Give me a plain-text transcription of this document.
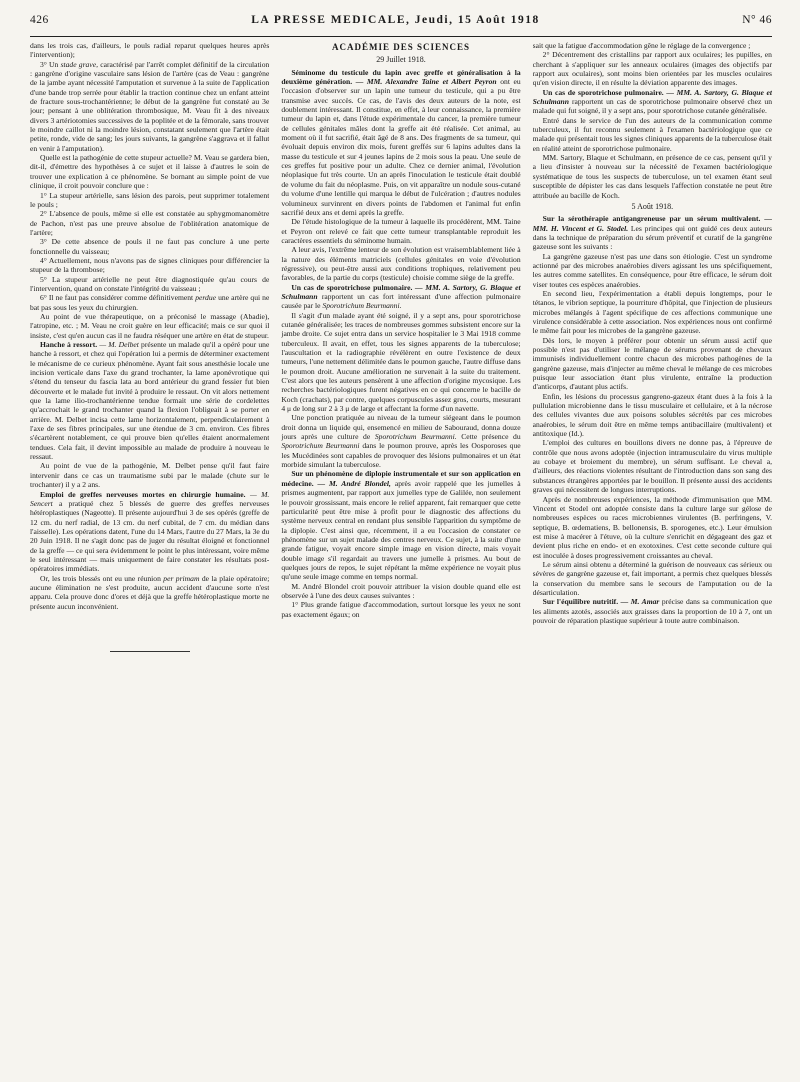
426	LA PRESSE MEDICALE, Jeudi, 15 Août 1918	N° 46

dans les trois cas, d'ailleurs, le pouls radial reparut quelques heures après l'intervention);

3° Un stade grave, caractérisé par l'arrêt complet définitif de la circulation : gangrène d'origine vasculaire sans lésion de l'artère (cas de Veau : gangrène de la jambe ayant nécessité l'amputation et survenue à la suite de l'application d'une bande trop serrée pour établir la traction continue chez un enfant atteint de fracture sous-trochantérienne; le début de la gangrène fut constaté au 3e jour; pensant à une oblitération thrombosique, M. Veau fit à des niveaux divers 3 artériotomies successives de la poplitée et de la fémorale, sans trouver le moindre caillot ni la moindre lésion, constatant seulement que l'artère était petite, ronde, vide de sang; les jours suivants, la gangrène s'aggrava et il fallut en venir à l'amputation).

Quelle est la pathogénie de cette stupeur actuelle? M. Veau se gardera bien, dit-il, d'émettre des hypothèses à ce sujet et il laisse à d'autres le soin de trouver une explication à ce phénomène. Se bornant au simple point de vue clinique, il croit pouvoir conclure que :

1° La stupeur artérielle, sans lésion des parois, peut supprimer totalement le pouls ;

2° L'absence de pouls, même si elle est constatée au sphygmomanomètre de Pachon, n'est pas une preuve absolue de l'oblitération anatomique de l'artère;

3° De cette absence de pouls il ne faut pas conclure à une perte fonctionnelle du vaisseau;

4° Actuellement, nous n'avons pas de signes cliniques pour différencier la stupeur de la thrombose;

5° La stupeur artérielle ne peut être diagnostiquée qu'au cours de l'intervention, quand on constate l'intégrité du vaisseau ;

6° Il ne faut pas considérer comme définitivement perdue une artère qui ne bat pas sous les yeux du chirurgien.

Au point de vue thérapeutique, on a préconisé le massage (Abadie), l'atropine, etc. ; M. Veau ne croit guère en leur efficacité; mais ce sur quoi il insiste, c'est qu'en aucun cas il ne faudra réséquer une artère en état de stupeur.

Hanche à ressort. — M. Delbet présente un malade qu'il a opéré pour une hanche à ressort, et chez qui l'opération lui a permis de déterminer exactement le mécanisme de ce curieux phénomène. Ayant fait sous anesthésie locale une incision verticale dans l'axe du grand trochanter, la lame aponévrotique qui s'étend du tenseur du fascia lata au bord antérieur du grand fessier fut bien découverte et le malade fut invité à produire le ressaut. On vit alors nettement que la lame ilio-trochantérienne tendue formait une série de cordelettes qu'accrochait le grand trochanter quand la flexion l'obligeait à se porter en arrière. M. Delbet incisa cette lame horizontalement, perpendiculairement à l'axe de ses fibres principales, sur une étendue de 3 cm. environ. Ces fibres s'écartèrent notablement, ce qui prouve bien qu'elles étaient anormalement tendues. Cela fait, il devint impossible au malade de produire à nouveau le ressaut.

Au point de vue de la pathogénie, M. Delbet pense qu'il faut faire intervenir dans ce cas un traumatisme subi par le malade (chute sur le trochanter) il y a 2 ans.

Emploi de greffes nerveuses mortes en chirurgie humaine. — M. Sencert a pratiqué chez 5 blessés de guerre des greffes nerveuses hétéroplastiques (Nageotte). Il présente aujourd'hui 3 de ses opérés (greffe de 12 cm. du nerf radial, de 13 cm. du nerf cubital, de 7 cm. du médian dans l'aisselle). Les opérations datent, l'une du 14 Mars, l'autre du 27 Mars, la 3e du 20 Juin 1918. Il ne s'agit donc pas de juger du résultat éloigné et fonctionnel de la greffe — ce qui sera évidemment le point le plus intéressant, voire même le seul intéressant — mais uniquement de faire constater les résultats post-opératoires immédiats.

Or, les trois blessés ont eu une réunion per primam de la plaie opératoire; aucune élimination ne s'est produite, aucun accident d'aucune sorte n'est apparu. Cela prouve donc d'ores et déjà que la greffe hétéroplastique morte ne présente aucun inconvénient.

ACADÉMIE DES SCIENCES
29 Juillet 1918.

Séminome du testicule du lapin avec greffe et généralisation à la deuxième génération. — MM. Alexandre Taine et Albert Peyron ont eu l'occasion d'observer sur un lapin une tumeur du testicule, qui a pu être transmise avec succès. Ce cas, de l'avis des deux auteurs de la note, est doublement intéressant. Il constitue, en effet, à leur connaissance, la première tumeur du lapin et, dans l'étude expérimentale du cancer, la première tumeur de cellules génitales mâles dont la greffe ait été réalisée. Cet animal, au moment où il fut sacrifié, était âgé de 8 ans. Des fragments de sa tumeur, qui évoluait depuis environ dix mois, furent greffés sur 6 lapins adultes dans la masse du testicule et sur 4 jeunes lapins de 2 mois sous la peau. Une seule de ces greffes fut positive pour un adulte. Chez ce dernier animal, l'évolution néoplasique fut très courte. Un an après l'inoculation le testicule était doublé de volume du fait du néoplasme. Puis, on vit apparaître un nodule sous-cutané du volume d'une lentille qui marqua le début de l'ulcération ; d'autres nodules volumineux survinrent en divers points de l'abdomen et l'animal fut enfin sacrifié deux ans et demi après la greffe.

De l'étude histologique de la tumeur à laquelle ils procédèrent, MM. Taine et Peyron ont relevé ce fait que cette tumeur transplantable reproduit les caractères essentiels du séminome humain.

A leur avis, l'extrême lenteur de son évolution est vraisemblablement liée à la nature des éléments matriciels (cellules génitales en voie d'évolution régressive), ou peut-être aussi aux conditions trophiques, relativement peu favorables, de la partie du corps (testicule) choisie comme siège de la greffe.

Un cas de sporotrichose pulmonaire. — MM. A. Sartory, G. Blaque et Schulmann rapportent un cas fort intéressant d'une affection pulmonaire causée par le Sporotrichum Beurmanni.

Il s'agit d'un malade ayant été soigné, il y a sept ans, pour sporotrichose cutanée généralisée; les traces de nombreuses gommes subsistent encore sur la jambe droite. Ce sujet entra dans un service hospitalier le 3 Mai 1918 comme tuberculeux. Il avait, en effet, tous les signes apparents de la tuberculose; l'auscultation et la radiographie révélèrent en outre l'existence de deux tumeurs, l'une nettement délimitée dans le poumon gauche, l'autre diffuse dans le poumon droit. Aucune amélioration ne survenait à la suite du traitement. C'est alors que les auteurs pensèrent à une affection d'origine mycosique. Les recherches bactériologiques furent négatives en ce qui concerne le bacille de Koch (crachats), par contre, quelques corpuscules assez gros, courts, mesurant 4 μ de long sur 2 à 3 μ de large et affectant la forme d'un navette.

Une ponction pratiquée au niveau de la tumeur siégeant dans le poumon droit donna un liquide qui, ensemencé en milieu de Sabouraud, donna douze jours après une culture de Sporotrichum Beurmanni. Cette présence du Sporotrichum Beurmanni dans le poumon prouve, après les Oosporoses que les Mucédinées sont capables de provoquer des lésions pulmonaires et un état morbide simulant la tuberculose.

Sur un phénomène de diplopie instrumentale et sur son application en médecine. — M. André Blondel, après avoir rappelé que les jumelles à prismes augmentent, par rapport aux jumelles type de Galilée, non seulement le pouvoir grossissant, mais encore le relief apparent, fait remarquer que cette particularité peut être mise à profit pour le diagnostic des affections du système nerveux central en rendant plus sensible l'apparition du symptôme de la diplopie. C'est ainsi que, récemment, il a eu l'occasion de constater ce phénomène sur un sujet malade des centres nerveux. Ce sujet, à la suite d'une grande fatigue, voyait encore simple image en vision directe, mais voyait double image s'il regardait au travers une jumelle à prismes. Au bout de quelques jours de repos, le sujet répétant la même expérience ne voyait plus qu'une seule image comme en temps normal.

M. André Blondel croit pouvoir attribuer la vision double quand elle est observée à l'une des deux causes suivantes :

1° Plus grande fatigue d'accommodation, surtout lorsque les yeux ne sont pas exactement égaux; on

sait que la fatigue d'accommodation gêne le réglage de la convergence ;

2° Décentrement des cristallins par rapport aux oculaires; les pupilles, en cherchant à s'appliquer sur les anneaux oculaires (images des objectifs par rapport aux oculaires), sont moins bien orientées par les muscles oculaires qu'en vision directe, il en résulte la déviation apparente des images.

Un cas de sporotrichose pulmonaire. — MM. A. Sartory, G. Blaque et Schulmann rapportent un cas de sporotrichose pulmonaire observé chez un malade qui fut soigné, il y a sept ans, pour sporotrichose cutanée généralisée.

Entré dans le service de l'un des auteurs de la communication comme tuberculeux, il fut reconnu seulement à l'examen bactériologique que ce malade qui présentait tous les signes cliniques apparents de la tuberculose était en réalité atteint de sporotrichose pulmonaire.

MM. Sartory, Blaque et Schulmann, en présence de ce cas, pensent qu'il y a lieu d'insister à nouveau sur la nécessité de l'examen bactériologique systématique de tous les suspects de tuberculose, un tel examen étant seul susceptible de dépister les cas dans lesquels l'affection constatée ne peut être attribuée au bacille de Koch.

5 Août 1918.

Sur la sérothérapie antigangreneuse par un sérum multivalent. — MM. H. Vincent et G. Stodel. Les principes qui ont guidé ces deux auteurs dans la technique de préparation du sérum préventif et curatif de la gangrène gazeuse sont les suivants :

La gangrène gazeuse n'est pas une dans son étiologie. C'est un syndrome actionné par des microbes anaérobies divers agissant les uns spécifiquement, les autres comme satellites. En conséquence, pour être efficace, le sérum doit viser toutes ces espèces anaérobies.

En second lieu, l'expérimentation a établi depuis longtemps, pour le tétanos, le vibrion septique, la pourriture d'hôpital, que l'injection de plusieurs microbes mélangés à l'agent spécifique de ces affections communique une virulence considérable à cette association. Nos expériences nous ont confirmé le même fait pour les microbes de la gangrène gazeuse.

Dès lors, le moyen à préférer pour obtenir un sérum aussi actif que possible n'est pas d'utiliser le mélange de sérums provenant de chevaux immunisés individuellement contre chacun des microbes pathogènes de la gangrène gazeuse, mais d'injecter au même cheval le mélange de ces microbes puisque leur association étant plus virulente, entraîne la production d'anticorps, d'autant plus actifs.

Enfin, les lésions du processus gangreno-gazeux étant dues à la fois à la pullulation microbienne dans le tissu musculaire et cellulaire, et à la nécrose des cellules vivantes due aux poisons solubles sécrétés par ces microbes anaérobies, le sérum doit être en même temps antibacillaire (multivalent) et antitoxique (Id.).

L'emploi des cultures en bouillons divers ne donne pas, à l'épreuve de contrôle que nous avons adoptée (injection intramusculaire du virus multiple au cobaye et broiement du membre), un sérum suffisant. Le cheval a, d'ailleurs, des réactions violentes résultant de l'introduction dans son sang des substances étrangères apportées par le bouillon. Il présente aussi des accidents graves qui nécessitent de longues interruptions.

Après de nombreuses expériences, la méthode d'immunisation que MM. Vincent et Stodel ont adoptée consiste dans la culture large sur gélose de nombreuses espèces ou races microbiennes virulentes (B. perfringens, V. septique, B. œdematiens, B. bellonensis, B. sporogenes, etc.). Leur émulsion est mise à macérer à l'étuve, où la culture s'enrichit en dégageant des gaz et devient plus riche en endo- et en exotoxines. C'est cette seconde culture qui est inoculée à doses progressivement croissantes au cheval.

Le sérum ainsi obtenu a déterminé la guérison de nouveaux cas sérieux ou sévères de gangrène gazeuse et, fait important, a permis chez quelques blessés la conservation du membre sans le secours de l'amputation ou de la désarticulation.

Sur l'équilibre nutritif. — M. Amar précise dans sa communication que les aliments azotés, associés aux graisses dans la proportion de 10 à 7, ont un pouvoir de réparation plastique supérieur à toute autre combinaison.
